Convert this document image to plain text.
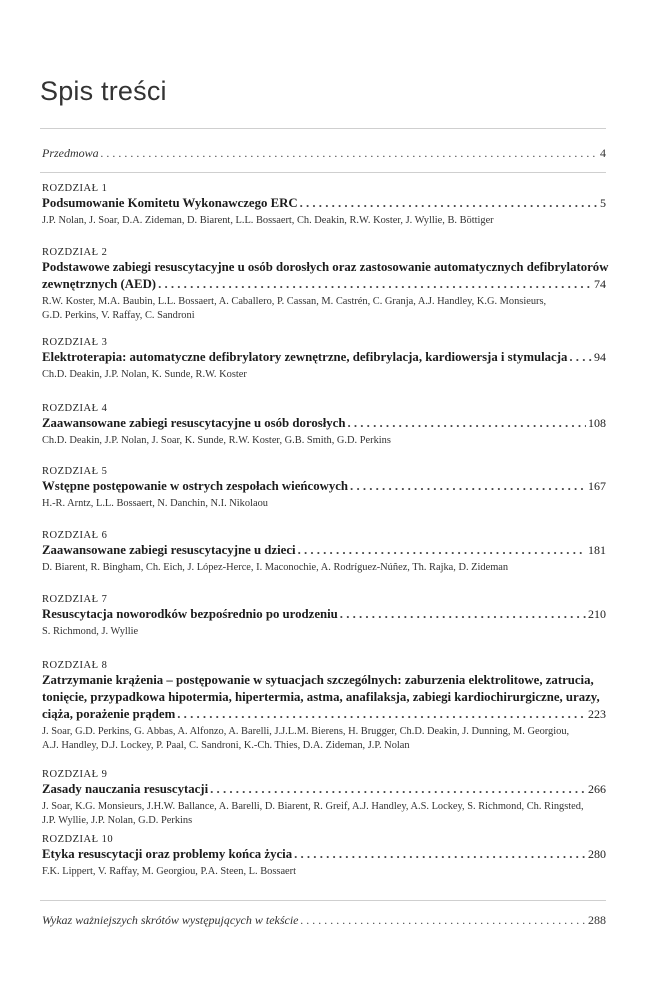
Spis treści
Przedmowa . . .	4
ROZDZIAŁ 1
Podsumowanie Komitetu Wykonawczego ERC . . .	5
J.P. Nolan, J. Soar, D.A. Zideman, D. Biarent, L.L. Bossaert, Ch. Deakin, R.W. Koster, J. Wyllie, B. Böttiger
ROZDZIAŁ 2
Podstawowe zabiegi resuscytacyjne u osób dorosłych oraz zastosowanie automatycznych defibrylatorów
zewnętrznych (AED) . . .	74
R.W. Koster, M.A. Baubin, L.L. Bossaert, A. Caballero, P. Cassan, M. Castrén, C. Granja, A.J. Handley, K.G. Monsieurs,
G.D. Perkins, V. Raffay, C. Sandroni
ROZDZIAŁ 3
Elektroterapia: automatyczne defibrylatory zewnętrzne, defibrylacja, kardiowersja i stymulacja . . . 94
Ch.D. Deakin, J.P. Nolan, K. Sunde, R.W. Koster
ROZDZIAŁ 4
Zaawansowane zabiegi resuscytacyjne u osób dorosłych . . .	108
Ch.D. Deakin, J.P. Nolan, J. Soar, K. Sunde, R.W. Koster, G.B. Smith, G.D. Perkins
ROZDZIAŁ 5
Wstępne postępowanie w ostrych zespołach wieńcowych . . .	167
H.-R. Arntz, L.L. Bossaert, N. Danchin, N.I. Nikolaou
ROZDZIAŁ 6
Zaawansowane zabiegi resuscytacyjne u dzieci . . .	181
D. Biarent, R. Bingham, Ch. Eich, J. López-Herce, I. Maconochie, A. Rodríguez-Núñez, Th. Rajka, D. Zideman
ROZDZIAŁ 7
Resuscytacja noworodków bezpośrednio po urodzeniu . . .	210
S. Richmond, J. Wyllie
ROZDZIAŁ 8
Zatrzymanie krążenia – postępowanie w sytuacjach szczególnych: zaburzenia elektrolitowe, zatrucia,
tonięcie, przypadkowa hipotermia, hipertermia, astma, anafilaksja, zabiegi kardiochirurgiczne, urazy,
ciąża, porażenie prądem . . .	223
J. Soar, G.D. Perkins, G. Abbas, A. Alfonzo, A. Barelli, J.J.L.M. Bierens, H. Brugger, Ch.D. Deakin, J. Dunning, M. Georgiou,
A.J. Handley, D.J. Lockey, P. Paal, C. Sandroni, K.-Ch. Thies, D.A. Zideman, J.P. Nolan
ROZDZIAŁ 9
Zasady nauczania resuscytacji . . .	266
J. Soar, K.G. Monsieurs, J.H.W. Ballance, A. Barelli, D. Biarent, R. Greif, A.J. Handley, A.S. Lockey, S. Richmond, Ch. Ringsted,
J.P. Wyllie, J.P. Nolan, G.D. Perkins
ROZDZIAŁ 10
Etyka resuscytacji oraz problemy końca życia . . .	280
F.K. Lippert, V. Raffay, M. Georgiou, P.A. Steen, L. Bossaert
Wykaz ważniejszych skrótów występujących w tekście . . .	288
